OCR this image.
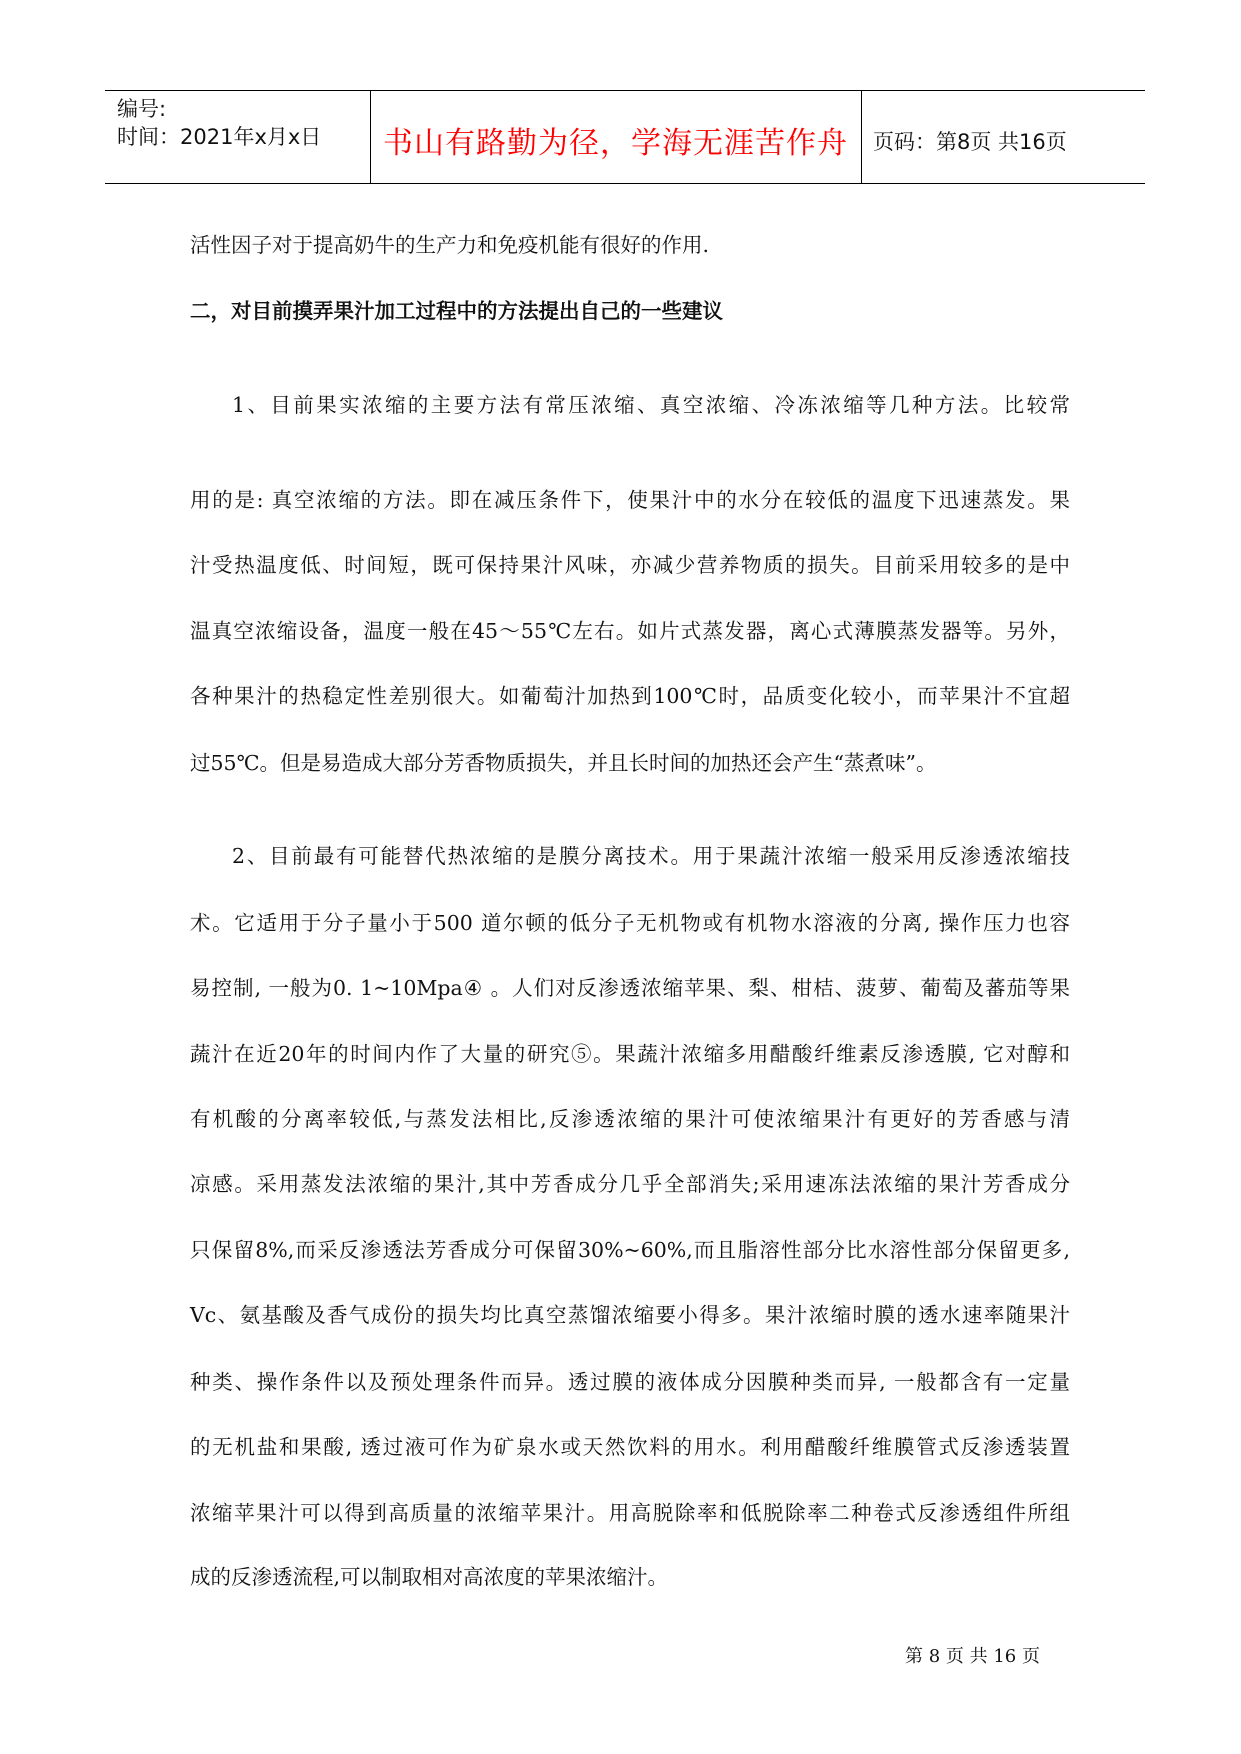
编号:
时间：2021年x月x日	书山有路勤为径，学海无涯苦作舟	页码：第8页 共16页
活性因子对于提高奶牛的生产力和免疫机能有很好的作用.
二，对目前摸弄果汁加工过程中的方法提出自己的一些建议
1、目前果实浓缩的主要方法有常压浓缩、真空浓缩、冷冻浓缩等几种方法。比较常
用的是: 真空浓缩的方法。即在减压条件下，使果汁中的水分在较低的温度下迅速蒸发。果
汁受热温度低、时间短，既可保持果汁风味，亦减少营养物质的损失。目前采用较多的是中
温真空浓缩设备，温度一般在45～55℃左右。如片式蒸发器，离心式薄膜蒸发器等。另外，
各种果汁的热稳定性差别很大。如葡萄汁加热到100℃时，品质变化较小，而苹果汁不宜超
过55℃。但是易造成大部分芳香物质损失，并且长时间的加热还会产生“蒸煮味”。
2、目前最有可能替代热浓缩的是膜分离技术。用于果蔬汁浓缩一般采用反渗透浓缩技
术。它适用于分子量小于500 道尔顿的低分子无机物或有机物水溶液的分离, 操作压力也容
易控制, 一般为0. 1~10Mpa④ 。人们对反渗透浓缩苹果、梨、柑桔、菠萝、葡萄及蕃茄等果
蔬汁在近20年的时间内作了大量的研究⑤。果蔬汁浓缩多用醋酸纤维素反渗透膜, 它对醇和
有机酸的分离率较低,与蒸发法相比,反渗透浓缩的果汁可使浓缩果汁有更好的芳香感与清
凉感。采用蒸发法浓缩的果汁,其中芳香成分几乎全部消失;采用速冻法浓缩的果汁芳香成分
只保留8%,而采反渗透法芳香成分可保留30%~60%,而且脂溶性部分比水溶性部分保留更多,
Vc、氨基酸及香气成份的损失均比真空蒸馏浓缩要小得多。果汁浓缩时膜的透水速率随果汁
种类、操作条件以及预处理条件而异。透过膜的液体成分因膜种类而异, 一般都含有一定量
的无机盐和果酸, 透过液可作为矿泉水或天然饮料的用水。利用醋酸纤维膜管式反渗透装置
浓缩苹果汁可以得到高质量的浓缩苹果汁。用高脱除率和低脱除率二种卷式反渗透组件所组
成的反渗透流程,可以制取相对高浓度的苹果浓缩汁。
第 8 页 共 16 页
